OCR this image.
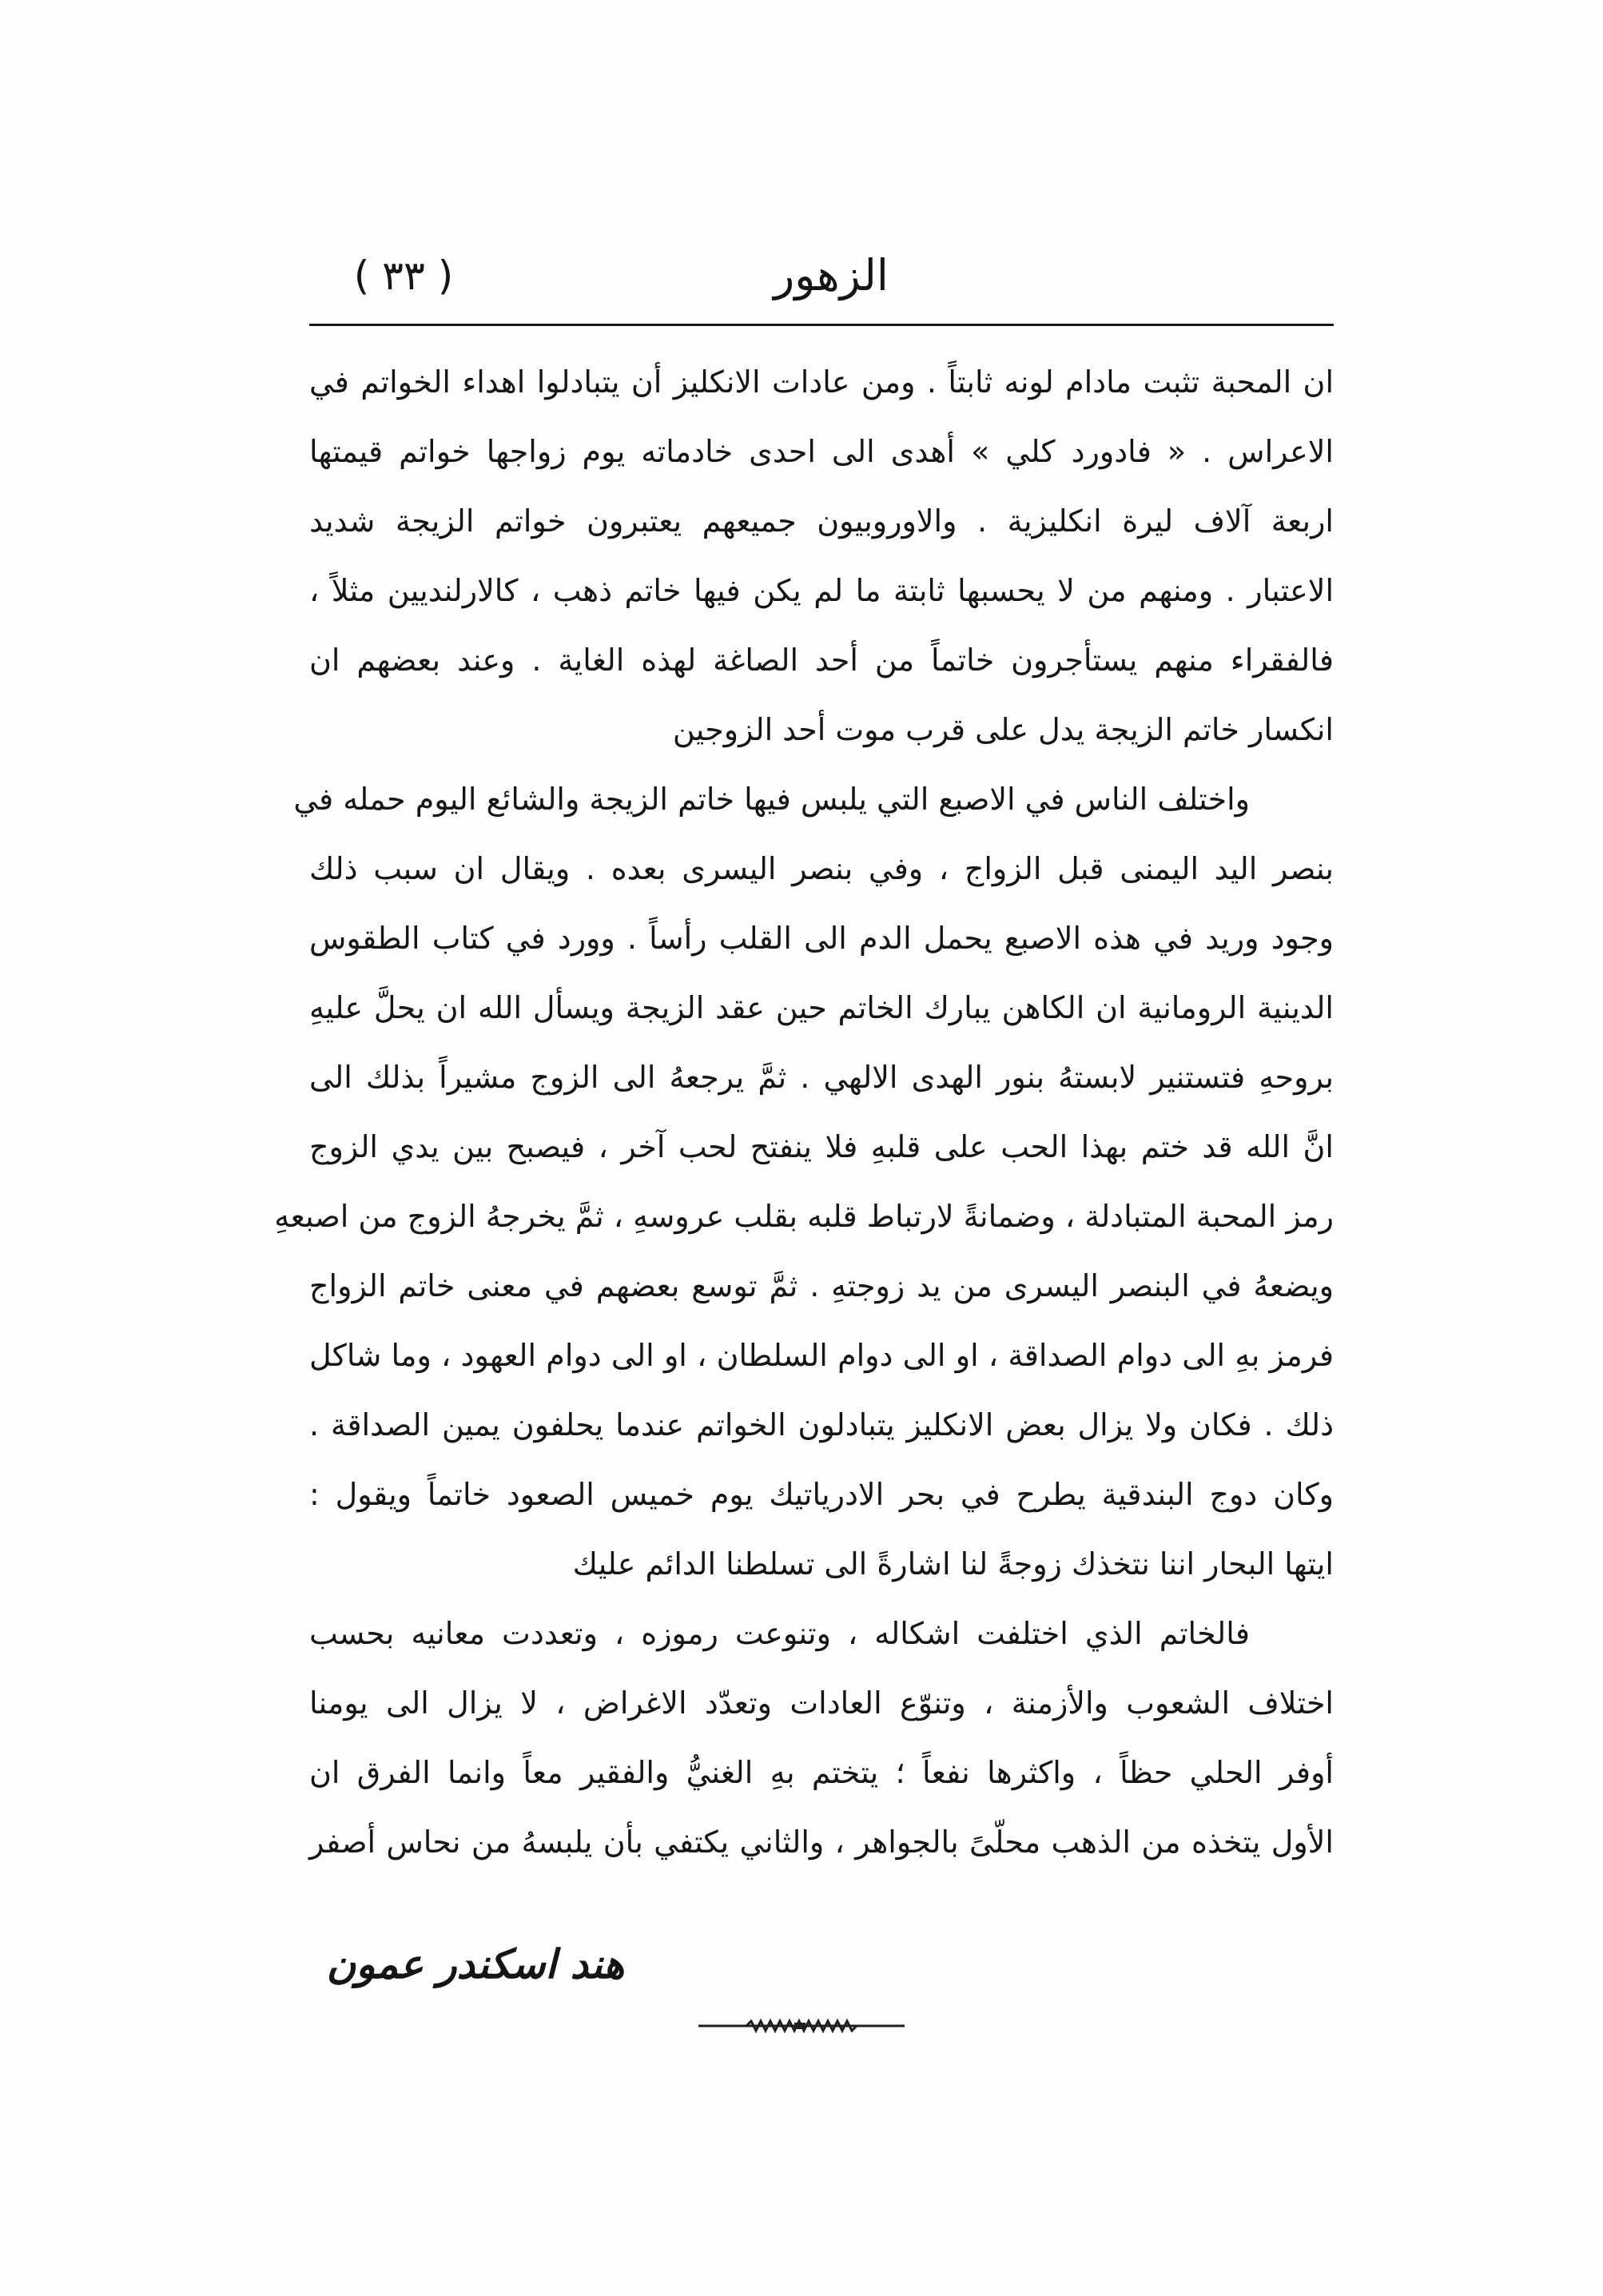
الزهور
( ٣٣ )
ان المحبة تثبت مادام لونه ثابتاً . ومن عادات الانكليز أن يتبادلوا اهداء الخواتم في
الاعراس . « فادورد كلي » أهدى الى احدى خادماته يوم زواجها خواتم قيمتها
اربعة آلاف ليرة انكليزية . والاوروبيون جميعهم يعتبرون خواتم الزيجة شديد
الاعتبار . ومنهم من لا يحسبها ثابتة ما لم يكن فيها خاتم ذهب ، كالارلنديين مثلاً ،
فالفقراء منهم يستأجرون خاتماً من أحد الصاغة لهذه الغاية . وعند بعضهم ان
انكسار خاتم الزيجة يدل على قرب موت أحد الزوجين
واختلف الناس في الاصبع التي يلبس فيها خاتم الزيجة والشائع اليوم حمله في
بنصر اليد اليمنى قبل الزواج ، وفي بنصر اليسرى بعده . ويقال ان سبب ذلك
وجود وريد في هذه الاصبع يحمل الدم الى القلب رأساً . وورد في كتاب الطقوس
الدينية الرومانية ان الكاهن يبارك الخاتم حين عقد الزيجة ويسأل الله ان يحلَّ عليهِ
بروحهِ فتستنير لابستهُ بنور الهدى الالهي . ثمَّ يرجعهُ الى الزوج مشيراً بذلك الى
انَّ الله قد ختم بهذا الحب على قلبهِ فلا ينفتح لحب آخر ، فيصبح بين يدي الزوج
رمز المحبة المتبادلة ، وضمانةً لارتباط قلبه بقلب عروسهِ ، ثمَّ يخرجهُ الزوج من اصبعهِ
ويضعهُ في البنصر اليسرى من يد زوجتهِ . ثمَّ توسع بعضهم في معنى خاتم الزواج
فرمز بهِ الى دوام الصداقة ، او الى دوام السلطان ، او الى دوام العهود ، وما شاكل
ذلك . فكان ولا يزال بعض الانكليز يتبادلون الخواتم عندما يحلفون يمين الصداقة .
وكان دوج البندقية يطرح في بحر الادرياتيك يوم خميس الصعود خاتماً ويقول :
ايتها البحار اننا نتخذك زوجةً لنا اشارةً الى تسلطنا الدائم عليك
فالخاتم الذي اختلفت اشكاله ، وتنوعت رموزه ، وتعددت معانيه بحسب
اختلاف الشعوب والأزمنة ، وتنوّع العادات وتعدّد الاغراض ، لا يزال الى يومنا
أوفر الحلي حظاً ، واكثرها نفعاً ؛ يتختم بهِ الغنيُّ والفقير معاً وانما الفرق ان
الأول يتخذه من الذهب محلّىً بالجواهر ، والثاني يكتفي بأن يلبسهُ من نحاس أصفر
هند اسكندر عمون
